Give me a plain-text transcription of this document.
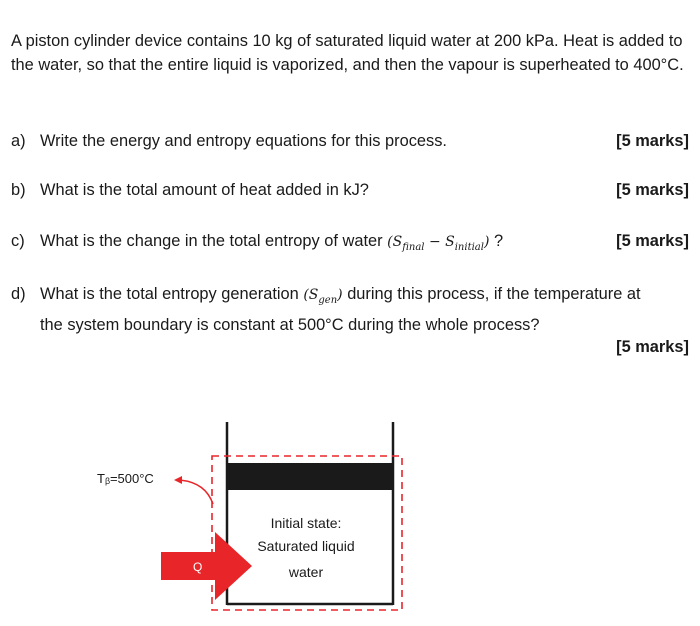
A piston cylinder device contains 10 kg of saturated liquid water at 200 kPa. Heat is added to the water, so that the entire liquid is vaporized, and then the vapour is superheated to 400°C.

a) Write the energy and entropy equations for this process.	[5 marks]
b) What is the total amount of heat added in kJ?	[5 marks]
c) What is the change in the total entropy of water $(S_{final} - S_{initial})$ ?	[5 marks]
d) What is the total entropy generation $(S_{gen})$ during this process, if the temperature at the system boundary is constant at 500°C during the whole process?
[5 marks]
Tᵦ=500°C
Q
Initial state:
Saturated liquid
water
